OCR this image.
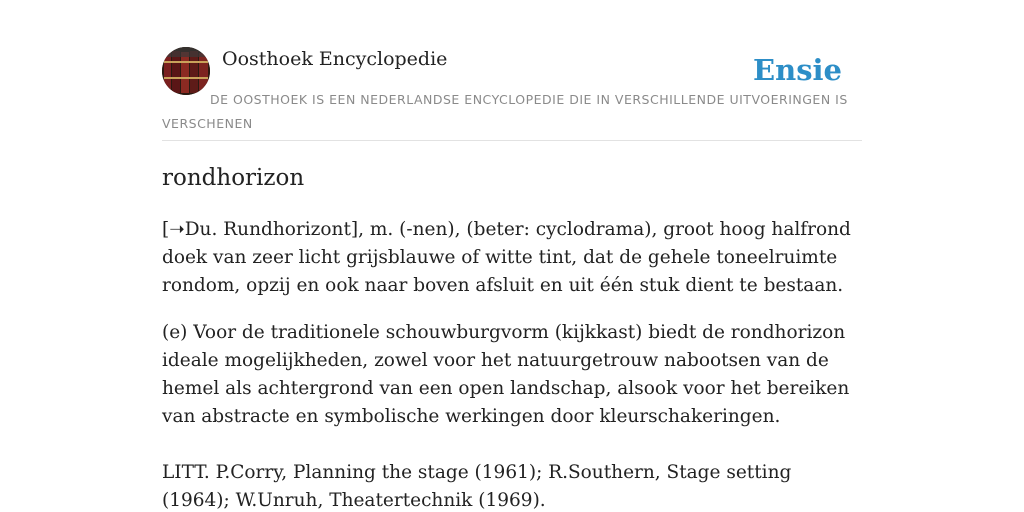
Oosthoek Encyclopedie	Ensie

DE OOSTHOEK IS EEN NEDERLANDSE ENCYCLOPEDIE DIE IN VERSCHILLENDE UITVOERINGEN IS VERSCHENEN

rondhorizon

[➝Du. Rundhorizont], m. (-nen), (beter: cyclodrama), groot hoog halfrond doek van zeer licht grijsblauwe of witte tint, dat de gehele toneelruimte rondom, opzij en ook naar boven afsluit en uit één stuk dient te bestaan.

(e) Voor de traditionele schouwburgvorm (kijkkast) biedt de rondhorizon ideale mogelijkheden, zowel voor het natuurgetrouw nabootsen van de hemel als achtergrond van een open landschap, alsook voor het bereiken van abstracte en symbolische werkingen door kleurschakeringen.

LITT. P.Corry, Planning the stage (1961); R.Southern, Stage setting (1964); W.Unruh, Theatertechnik (1969).
